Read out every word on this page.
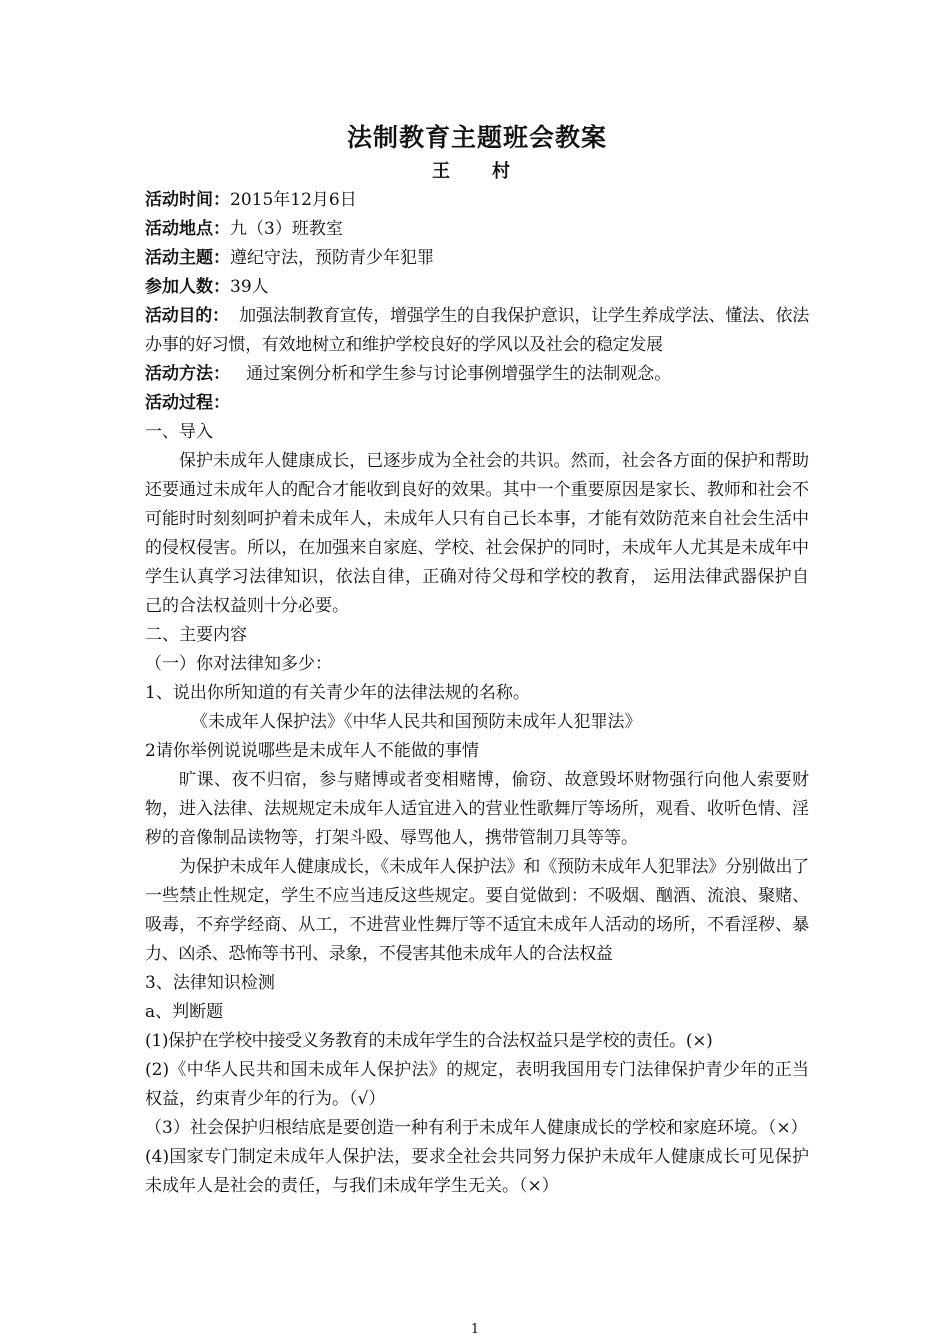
法制教育主题班会教案
王　村
活动时间：2015年12月6日
活动地点：九（3）班教室
活动主题：遵纪守法，预防青少年犯罪
参加人数：39人

活动目的：  加强法制教育宣传，增强学生的自我保护意识，让学生养成学法、懂法、依法办事的好习惯，有效地树立和维护学校良好的学风以及社会的稳定发展

活动方法：   通过案例分析和学生参与讨论事例增强学生的法制观念。
活动过程：
一、导入

保护未成年人健康成长，已逐步成为全社会的共识。然而，社会各方面的保护和帮助还要通过未成年人的配合才能收到良好的效果。其中一个重要原因是家长、教师和社会不可能时时刻刻呵护着未成年人，未成年人只有自己长本事，才能有效防范来自社会生活中的侵权侵害。所以，在加强来自家庭、学校、社会保护的同时，未成年人尤其是未成年中学生认真学习法律知识，依法自律，正确对待父母和学校的教育， 运用法律武器保护自己的合法权益则十分必要。

二、主要内容
（一）你对法律知多少：
1、说出你所知道的有关青少年的法律法规的名称。
《未成年人保护法》《中华人民共和国预防未成年人犯罪法》
2请你举例说说哪些是未成年人不能做的事情

旷课、夜不归宿，参与赌博或者变相赌博，偷窃、故意毁坏财物强行向他人索要财物，进入法律、法规规定未成年人适宜进入的营业性歌舞厅等场所，观看、收听色情、淫秽的音像制品读物等，打架斗殴、辱骂他人，携带管制刀具等等。

为保护未成年人健康成长，《未成年人保护法》和《预防未成年人犯罪法》分别做出了一些禁止性规定，学生不应当违反这些规定。要自觉做到：不吸烟、酗酒、流浪、聚赌、吸毒，不弃学经商、从工，不进营业性舞厅等不适宜未成年人活动的场所，不看淫秽、暴力、凶杀、恐怖等书刊、录象，不侵害其他未成年人的合法权益

3、法律知识检测
a、判断题

(1)保护在学校中接受义务教育的未成年学生的合法权益只是学校的责任。(×)

(2)《中华人民共和国未成年人保护法》的规定，表明我国用专门法律保护青少年的正当权益，约束青少年的行为。（√）

（3）社会保护归根结底是要创造一种有利于未成年人健康成长的学校和家庭环境。（×）

(4)国家专门制定未成年人保护法，要求全社会共同努力保护未成年人健康成长可见保护未成年人是社会的责任，与我们未成年学生无关。（×）

1
